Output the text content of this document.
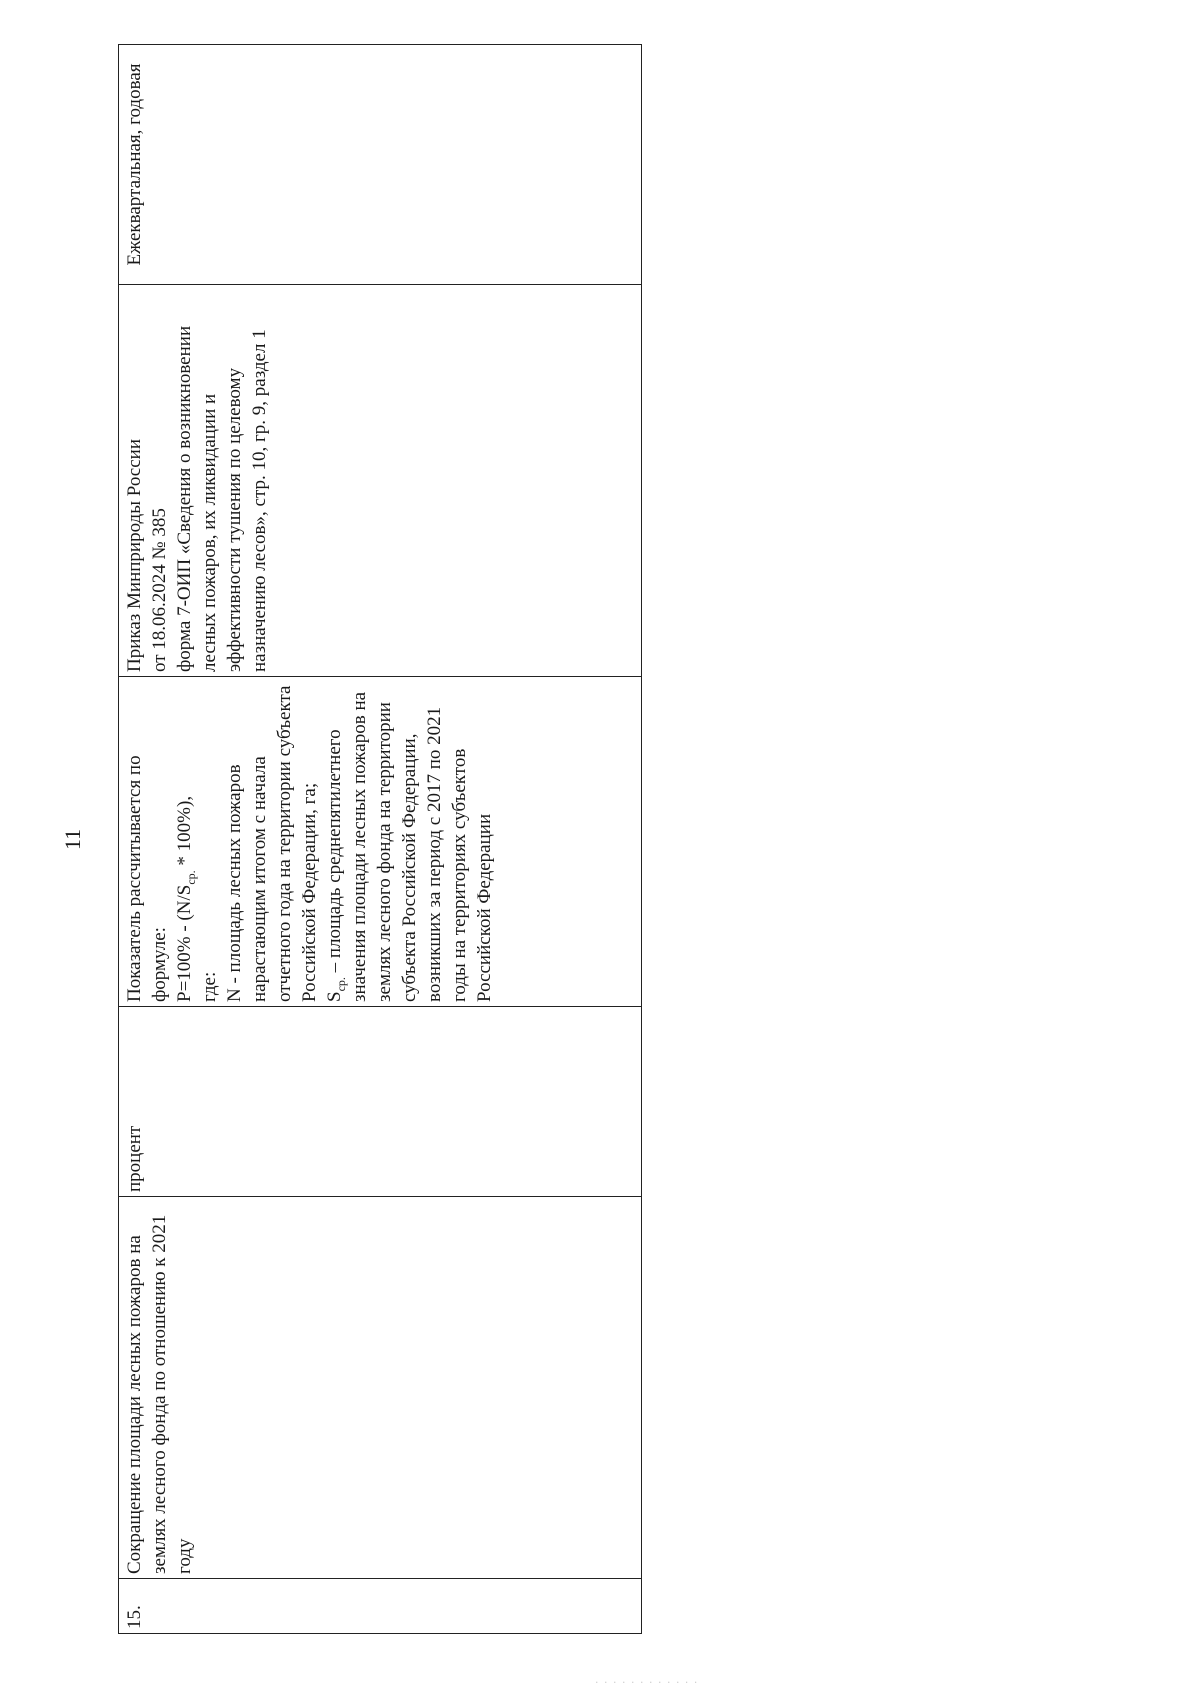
11
15.
Сокращение площади лесных пожаров на землях лесного фонда по отношению к 2021 году
процент
Показатель рассчитывается по формуле: $Р=100\% - (N/S_{ср.} * 100\%)$,
где: N - площадь лесных пожаров нарастающим итогом с начала отчетного года на территории субъекта Российской Федерации, га; $S_{ср.}$ – площадь среднепятилетнего значения площади лесных пожаров на землях лесного фонда на территории субъекта Российской Федерации, возникших за период с 2017 по 2021 годы на территориях субъектов Российской Федерации
Приказ Минприроды России
от 18.06.2024 № 385
форма 7-ОИП «Сведения о возникновении лесных пожаров, их ликвидации и эффективности тушения по целевому назначению лесов», стр. 10, гр. 9, раздел 1
Ежеквартальная, годовая
· · · · · · · · · · · ·
